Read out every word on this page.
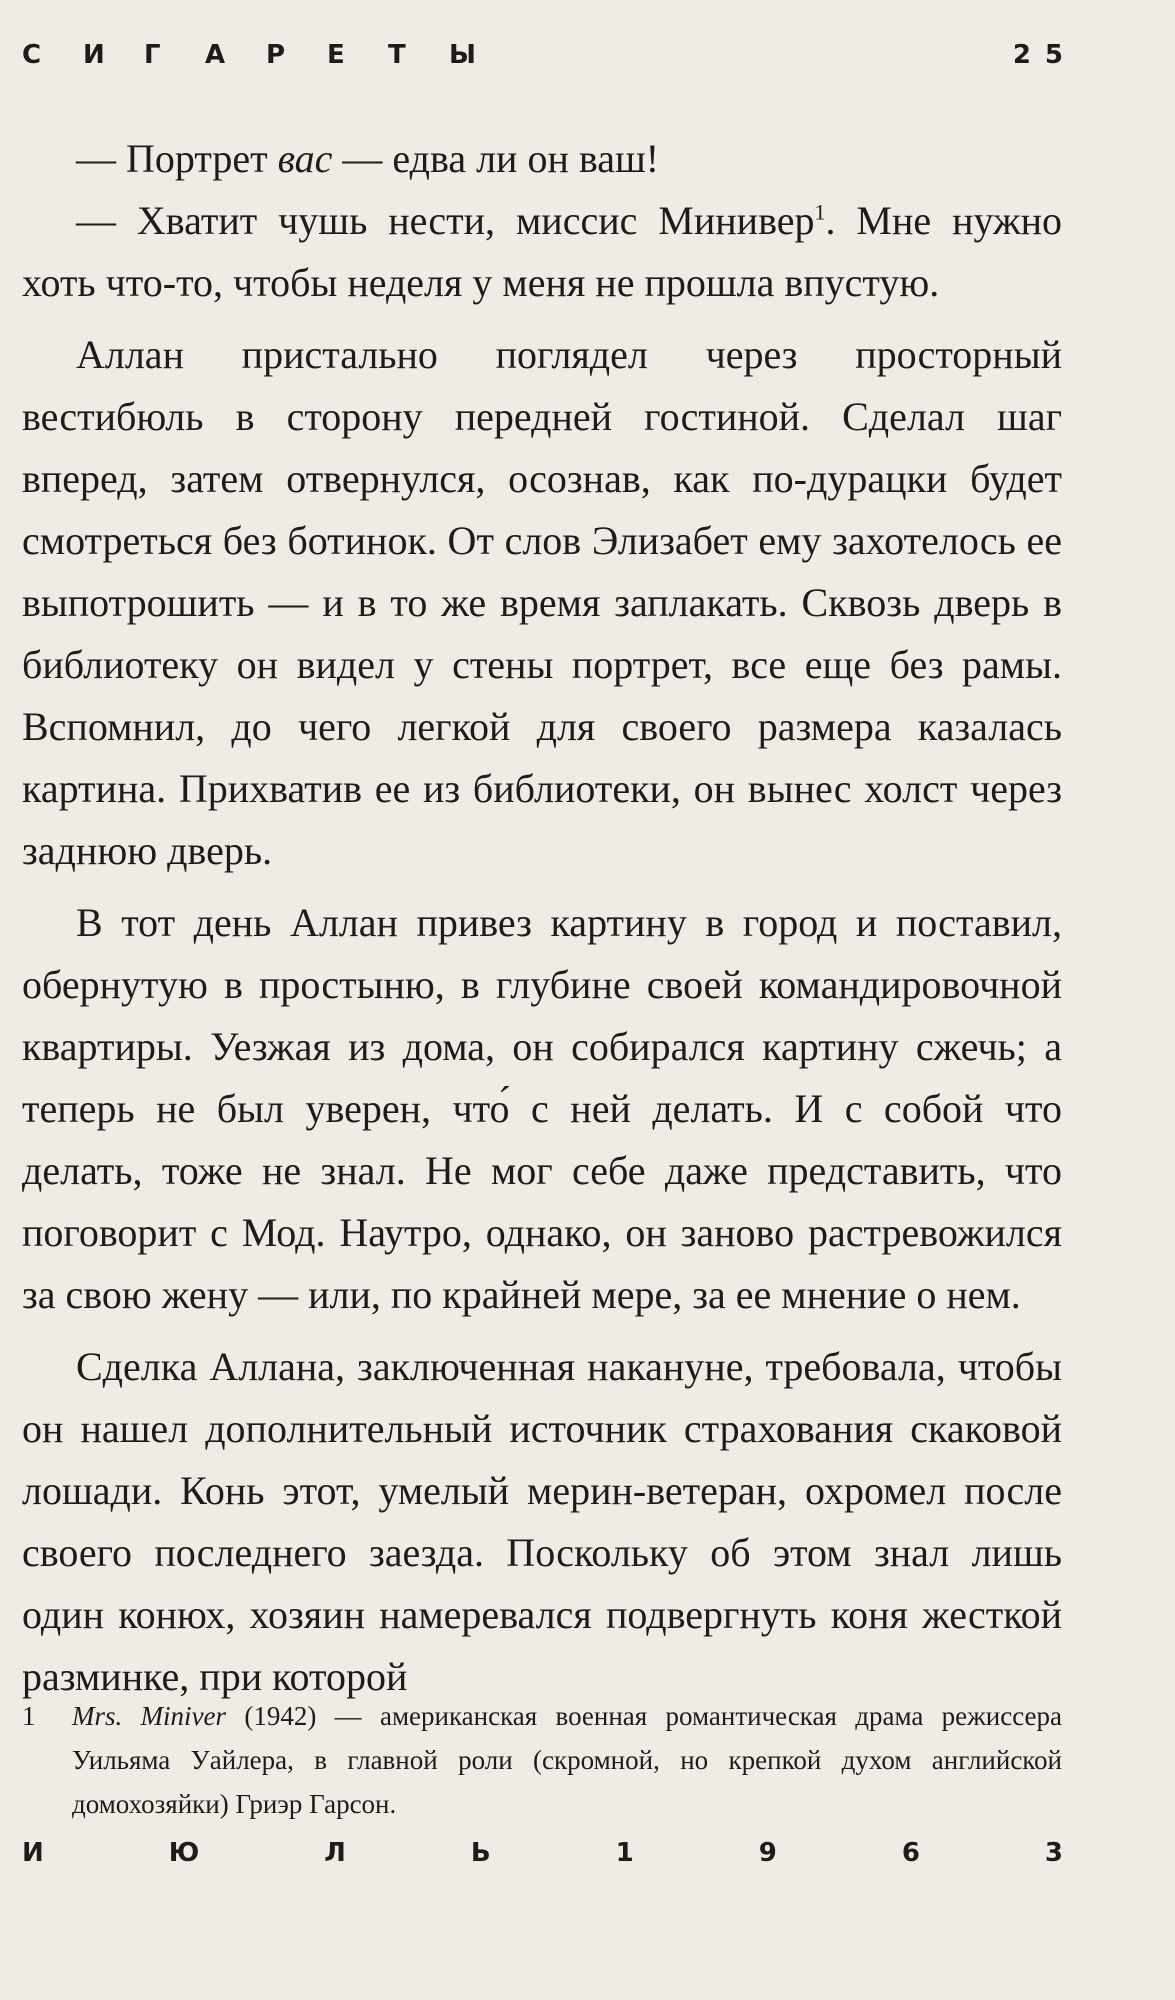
С И Г А Р Е Т Ы	25

— Портрет вас — едва ли он ваш!

— Хватит чушь нести, миссис Минивер$^1$. Мне нужно хоть что-то, чтобы неделя у меня не прошла впустую.

Аллан пристально поглядел через просторный вестибюль в сторону передней гостиной. Сделал шаг вперед, затем отвернулся, осознав, как по-дурацки будет смотреться без ботинок. От слов Элизабет ему захотелось ее выпотрошить — и в то же время заплакать. Сквозь дверь в библиотеку он видел у стены портрет, все еще без рамы. Вспомнил, до чего легкой для своего размера казалась картина. Прихватив ее из библиотеки, он вынес холст через заднюю дверь.

В тот день Аллан привез картину в город и поставил, обернутую в простыню, в глубине своей командировочной квартиры. Уезжая из дома, он собирался картину сжечь; а теперь не был уверен, что́ с ней делать. И с собой что делать, тоже не знал. Не мог себе даже представить, что поговорит с Мод. Наутро, однако, он заново растревожился за свою жену — или, по крайней мере, за ее мнение о нем.

Сделка Аллана, заключенная накануне, требовала, чтобы он нашел дополнительный источник страхования скаковой лошади. Конь этот, умелый мерин-ветеран, охромел после своего последнего заезда. Поскольку об этом знал лишь один конюх, хозяин намеревался подвергнуть коня жесткой разминке, при которой

1	Mrs. Miniver (1942) — американская военная романтическая драма режиссера Уильяма Уайлера, в главной роли (скромной, но крепкой духом английской домохозяйки) Гриэр Гарсон.
И	Ю	Л	Ь	1	9	6	3
